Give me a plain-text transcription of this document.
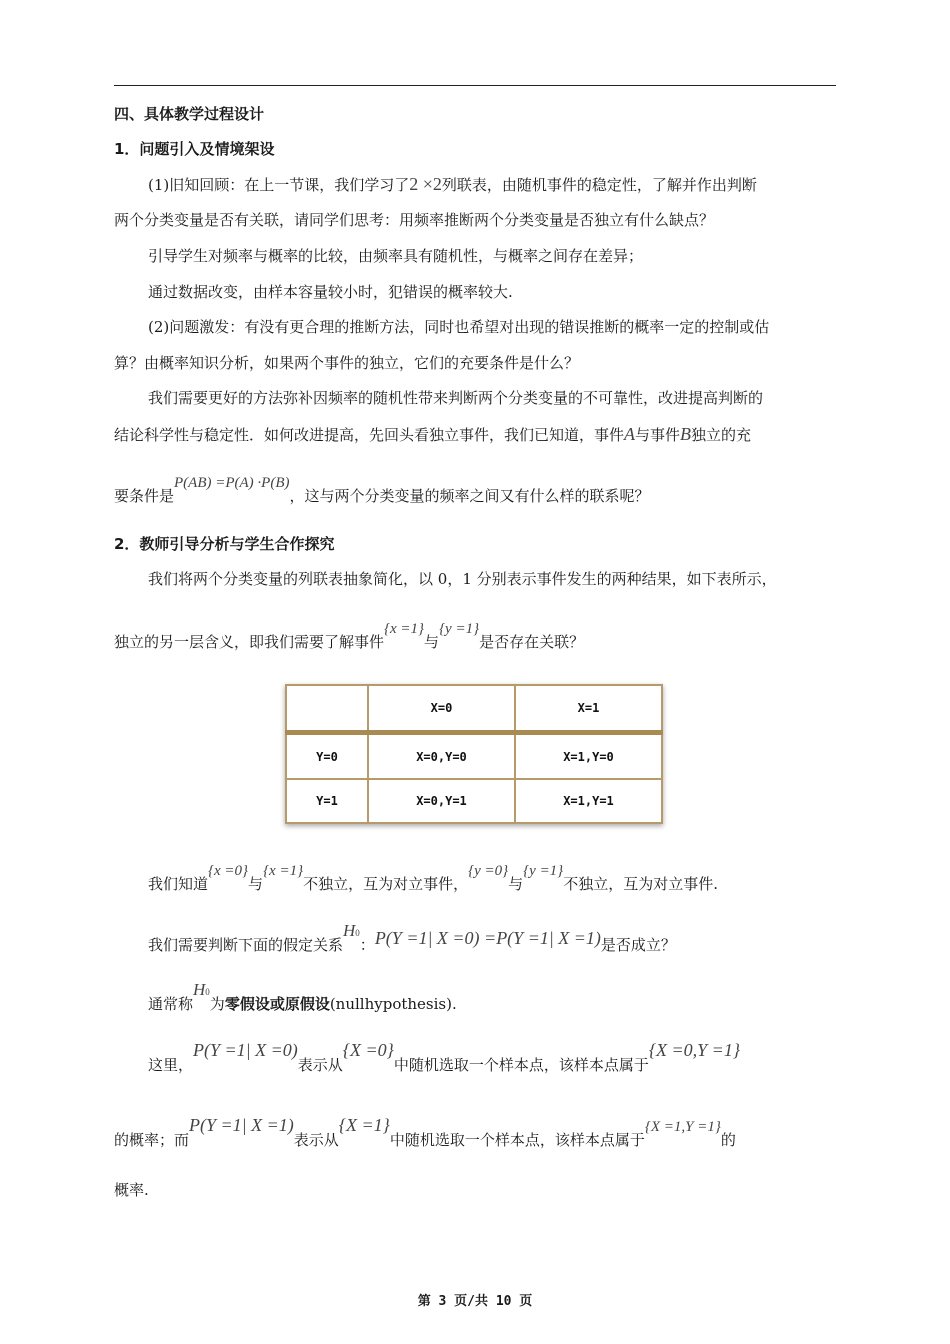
四、具体教学过程设计
1．问题引入及情境架设
(1)旧知回顾：在上一节课，我们学习了2 ×2列联表，由随机事件的稳定性，了解并作出判断
两个分类变量是否有关联，请同学们思考：用频率推断两个分类变量是否独立有什么缺点？
引导学生对频率与概率的比较，由频率具有随机性，与概率之间存在差异；
通过数据改变，由样本容量较小时，犯错误的概率较大.
(2)问题激发：有没有更合理的推断方法，同时也希望对出现的错误推断的概率一定的控制或估
算？由概率知识分析，如果两个事件的独立，它们的充要条件是什么？
我们需要更好的方法弥补因频率的随机性带来判断两个分类变量的不可靠性，改进提高判断的
结论科学性与稳定性．如何改进提高，先回头看独立事件，我们已知道，事件A与事件B独立的充
要条件是P(AB) =P(A) ·P(B)，这与两个分类变量的频率之间又有什么样的联系呢？
2．教师引导分析与学生合作探究
我们将两个分类变量的列联表抽象简化，以 0，1 分别表示事件发生的两种结果，如下表所示，
独立的另一层含义，即我们需要了解事件{x =1}与{y =1}是否存在关联？
	X=0	X=1
Y=0	X=0,Y=0	X=1,Y=0
Y=1	X=0,Y=1	X=1,Y=1
我们知道{x =0}与{x =1}不独立，互为对立事件，{y =0}与{y =1}不独立，互为对立事件.
我们需要判断下面的假定关系H0：P(Y =1| X =0) =P(Y =1| X =1)是否成立？
通常称H0为零假设或原假设(nullhypothesis).
这里，P(Y =1| X =0)表示从{X =0}中随机选取一个样本点，该样本点属于{X =0,Y =1}
的概率；而P(Y =1| X =1)表示从{X =1}中随机选取一个样本点，该样本点属于{X =1,Y =1}的
概率.
第 3 页/共 10 页
